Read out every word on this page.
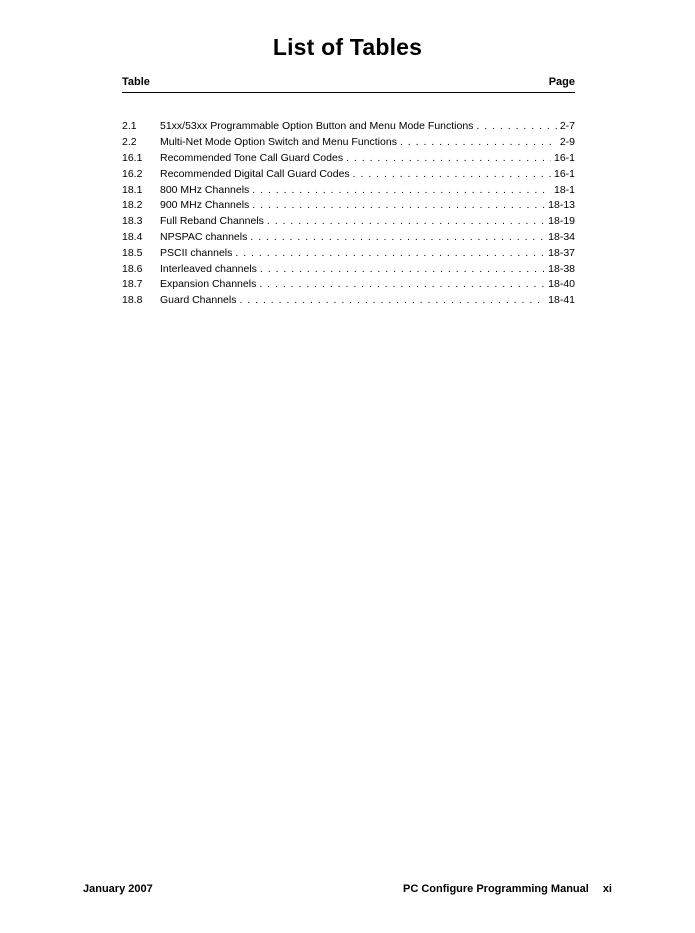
List of Tables
Table	Page
2.1	51xx/53xx Programmable Option Button and Menu Mode Functions . . .	2-7
2.2	Multi-Net Mode Option Switch and Menu Functions . . .	2-9
16.1	Recommended Tone Call Guard Codes . . .	16-1
16.2	Recommended Digital Call Guard Codes . . .	16-1
18.1	800 MHz Channels . . .	18-1
18.2	900 MHz Channels . . .	18-13
18.3	Full Reband Channels . . .	18-19
18.4	NPSPAC channels . . .	18-34
18.5	PSCII channels . . .	18-37
18.6	Interleaved channels . . .	18-38
18.7	Expansion Channels . . .	18-40
18.8	Guard Channels . . .	18-41
January 2007	PC Configure Programming Manual xi
